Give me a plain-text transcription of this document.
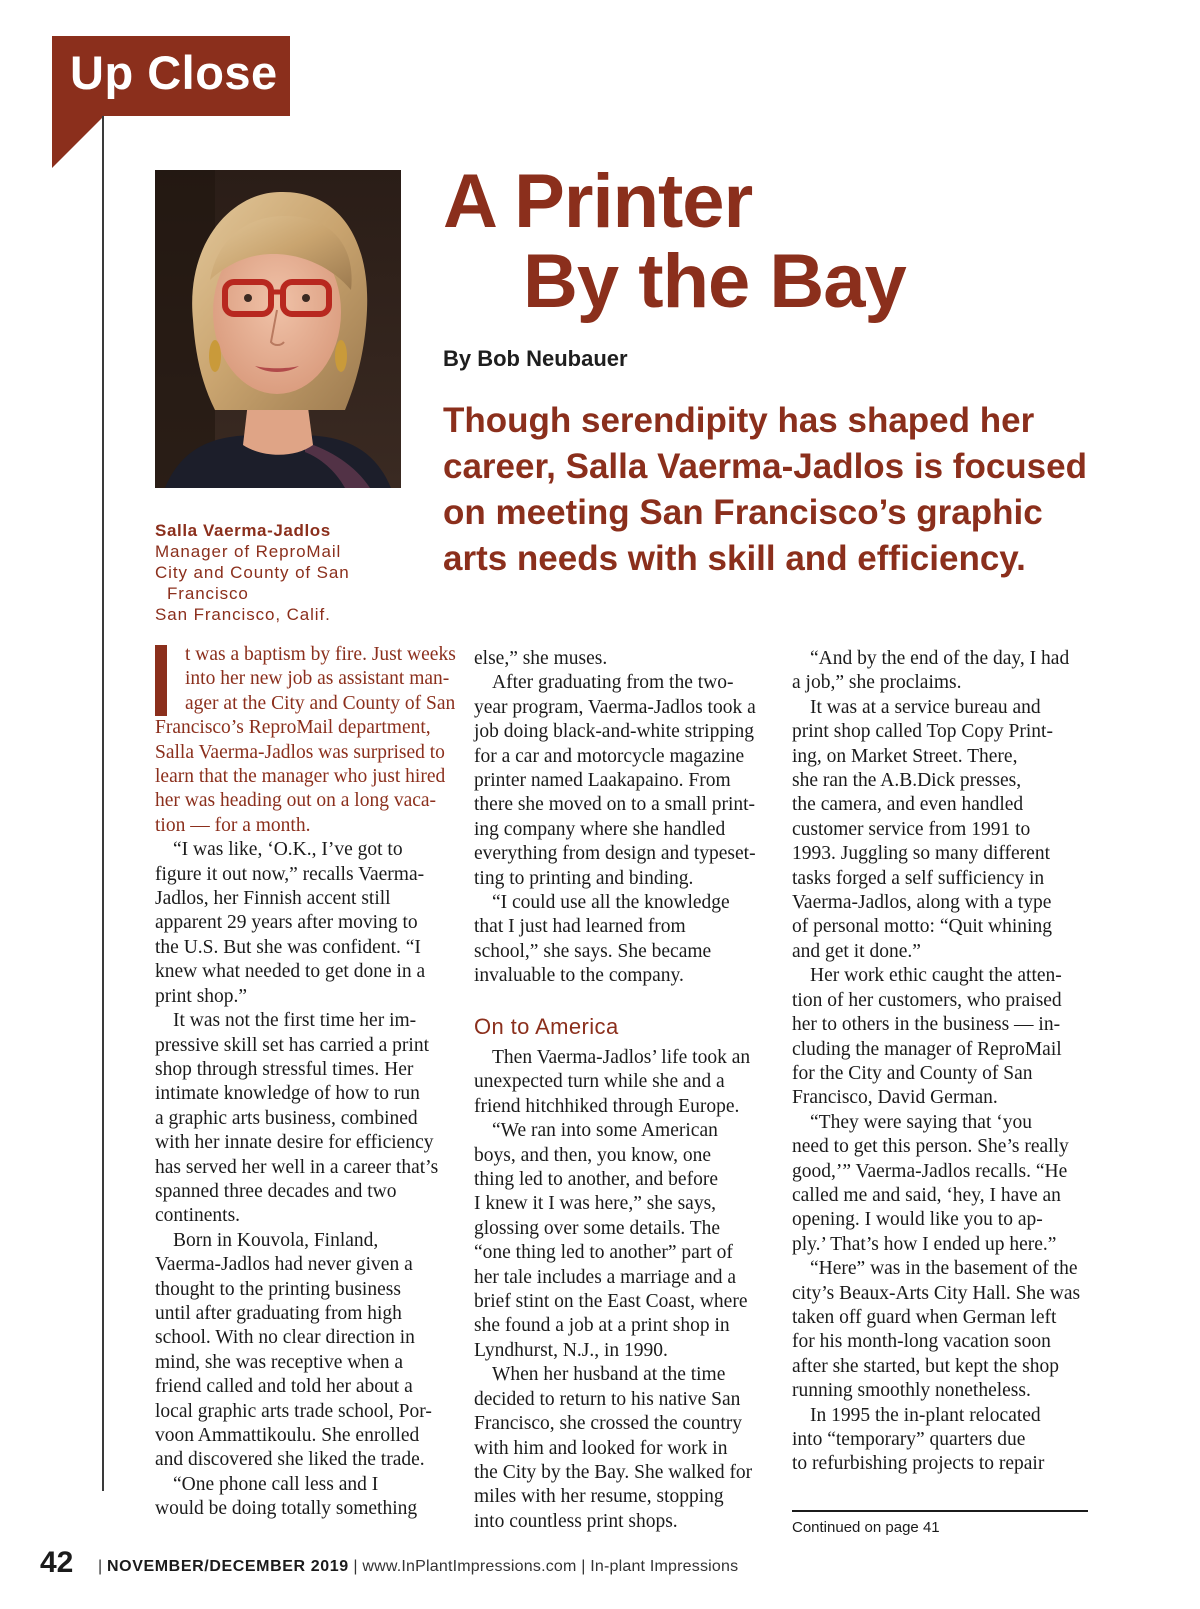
Up Close
Salla Vaerma-Jadlos
Manager of ReproMail
City and County of San
Francisco
San Francisco, Calif.
A Printer
By the Bay
By Bob Neubauer
Though serendipity has shaped her
career, Salla Vaerma-Jadlos is focused
on meeting San Francisco’s graphic
arts needs with skill and efficiency.
t was a baptism by fire. Just weeks
into her new job as assistant man-
ager at the City and County of San
Francisco’s ReproMail department,
Salla Vaerma-Jadlos was surprised to
learn that the manager who just hired
her was heading out on a long vaca-
tion — for a month.
“I was like, ‘O.K., I’ve got to
figure it out now,” recalls Vaerma-
Jadlos, her Finnish accent still
apparent 29 years after moving to
the U.S. But she was confident. “I
knew what needed to get done in a
print shop.”
It was not the first time her im-
pressive skill set has carried a print
shop through stressful times. Her
intimate knowledge of how to run
a graphic arts business, combined
with her innate desire for efficiency
has served her well in a career that’s
spanned three decades and two
continents.
Born in Kouvola, Finland,
Vaerma-Jadlos had never given a
thought to the printing business
until after graduating from high
school. With no clear direction in
mind, she was receptive when a
friend called and told her about a
local graphic arts trade school, Por-
voon Ammattikoulu. She enrolled
and discovered she liked the trade.
“One phone call less and I
would be doing totally something
else,” she muses.
After graduating from the two-
year program, Vaerma-Jadlos took a
job doing black-and-white stripping
for a car and motorcycle magazine
printer named Laakapaino. From
there she moved on to a small print-
ing company where she handled
everything from design and typeset-
ting to printing and binding.
“I could use all the knowledge
that I just had learned from
school,” she says. She became
invaluable to the company.
On to America
Then Vaerma-Jadlos’ life took an
unexpected turn while she and a
friend hitchhiked through Europe.
“We ran into some American
boys, and then, you know, one
thing led to another, and before
I knew it I was here,” she says,
glossing over some details. The
“one thing led to another” part of
her tale includes a marriage and a
brief stint on the East Coast, where
she found a job at a print shop in
Lyndhurst, N.J., in 1990.
When her husband at the time
decided to return to his native San
Francisco, she crossed the country
with him and looked for work in
the City by the Bay. She walked for
miles with her resume, stopping
into countless print shops.
“And by the end of the day, I had
a job,” she proclaims.
It was at a service bureau and
print shop called Top Copy Print-
ing, on Market Street. There,
she ran the A.B.Dick presses,
the camera, and even handled
customer service from 1991 to
1993. Juggling so many different
tasks forged a self sufficiency in
Vaerma-Jadlos, along with a type
of personal motto: “Quit whining
and get it done.”
Her work ethic caught the atten-
tion of her customers, who praised
her to others in the business — in-
cluding the manager of ReproMail
for the City and County of San
Francisco, David German.
“They were saying that ‘you
need to get this person. She’s really
good,’” Vaerma-Jadlos recalls. “He
called me and said, ‘hey, I have an
opening. I would like you to ap-
ply.’ That’s how I ended up here.”
“Here” was in the basement of the
city’s Beaux-Arts City Hall. She was
taken off guard when German left
for his month-long vacation soon
after she started, but kept the shop
running smoothly nonetheless.
In 1995 the in-plant relocated
into “temporary” quarters due
to refurbishing projects to repair
Continued on page 41
42 | NOVEMBER/DECEMBER 2019 | www.InPlantImpressions.com | In-plant Impressions
